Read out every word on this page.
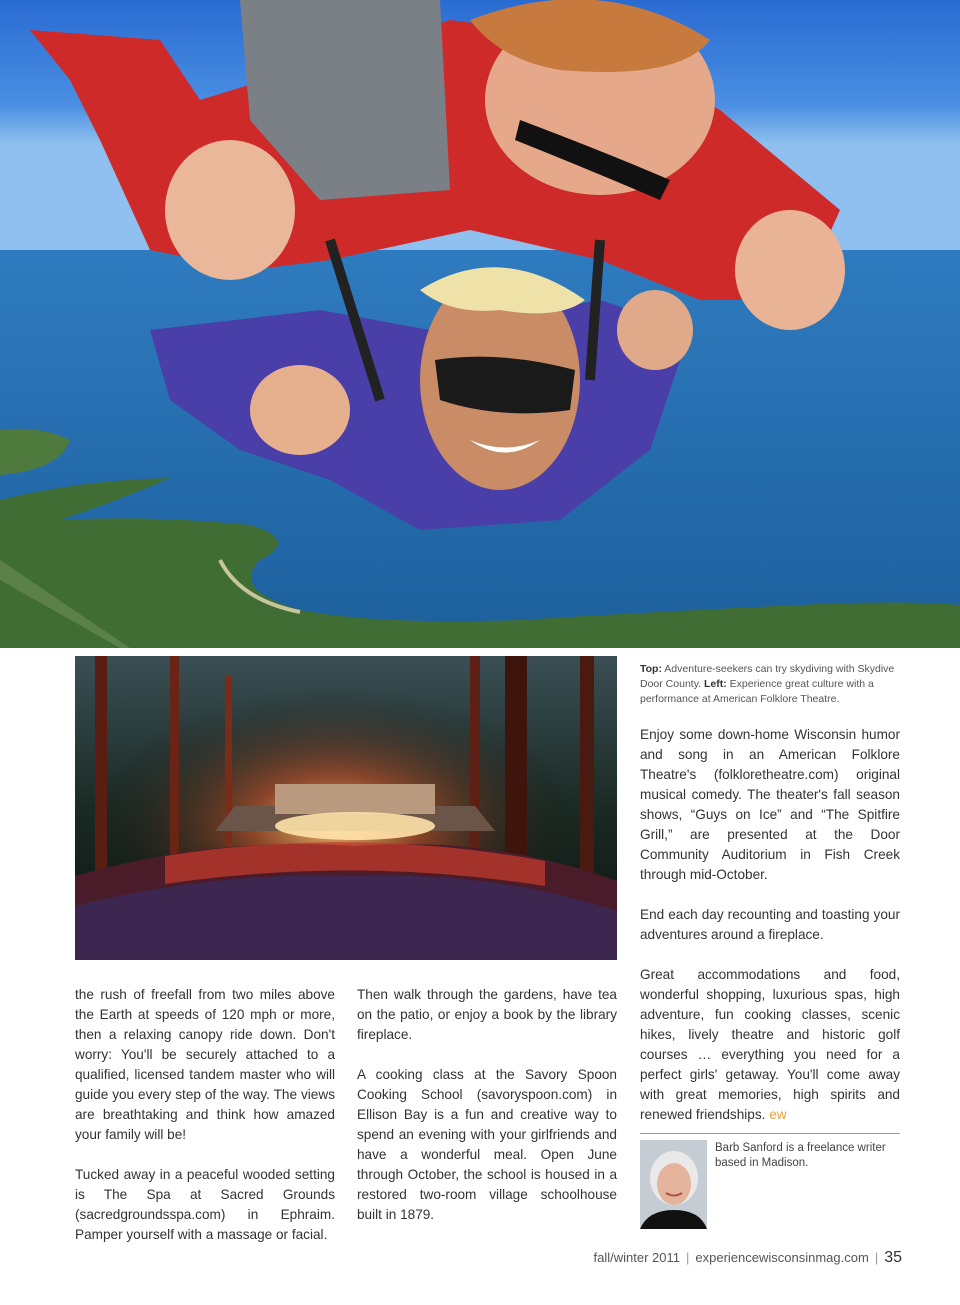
Top: Adventure-seekers can try skydiving with Skydive Door County. Left: Experience great culture with a performance at American Folklore Theatre.

Enjoy some down-home Wisconsin humor and song in an American Folklore Theatre's (folkloretheatre.com) original musical comedy. The theater's fall season shows, “Guys on Ice” and “The Spitfire Grill,” are presented at the Door Community Auditorium in Fish Creek through mid-October.

End each day recounting and toasting your adventures around a fireplace.

Great accommodations and food, wonderful shopping, luxurious spas, high adventure, fun cooking classes, scenic hikes, lively theatre and historic golf courses … everything you need for a perfect girls' getaway. You'll come away with great memories, high spirits and renewed friendships. ew

the rush of freefall from two miles above the Earth at speeds of 120 mph or more, then a relaxing canopy ride down. Don't worry: You'll be securely attached to a qualified, licensed tandem master who will guide you every step of the way. The views are breathtaking and think how amazed your family will be!

Tucked away in a peaceful wooded setting is The Spa at Sacred Grounds (sacredgroundsspa.com) in Ephraim. Pamper yourself with a massage or facial.

Then walk through the gardens, have tea on the patio, or enjoy a book by the library fireplace.

A cooking class at the Savory Spoon Cooking School (savoryspoon.com) in Ellison Bay is a fun and creative way to spend an evening with your girlfriends and have a wonderful meal. Open June through October, the school is housed in a restored two-room village schoolhouse built in 1879.

Barb Sanford is a freelance writer based in Madison.
fall/winter 2011 | experiencewisconsinmag.com | 35
